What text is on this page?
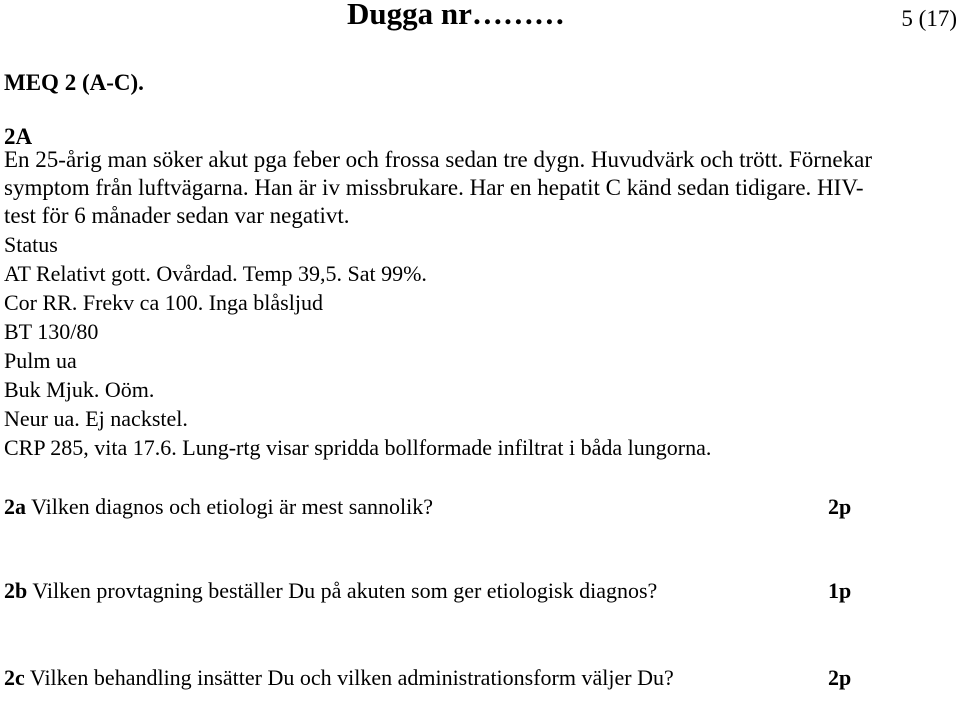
Dugga nr………	5 (17)
MEQ 2 (A-C).
2A
En 25-årig man söker akut pga feber och frossa sedan tre dygn. Huvudvärk och trött. Förnekar
symptom från luftvägarna. Han är iv missbrukare. Har en hepatit C känd sedan tidigare. HIV-
test för 6 månader sedan var negativt.
Status
AT Relativt gott. Ovårdad. Temp 39,5. Sat 99%.
Cor RR. Frekv ca 100. Inga blåsljud
BT 130/80
Pulm ua
Buk Mjuk. Oöm.
Neur ua. Ej nackstel.
CRP 285, vita 17.6. Lung-rtg visar spridda bollformade infiltrat i båda lungorna.
2a Vilken diagnos och etiologi är mest sannolik?	2p
2b Vilken provtagning beställer Du på akuten som ger etiologisk diagnos?	1p
2c Vilken behandling insätter Du och vilken administrationsform väljer Du?	2p
